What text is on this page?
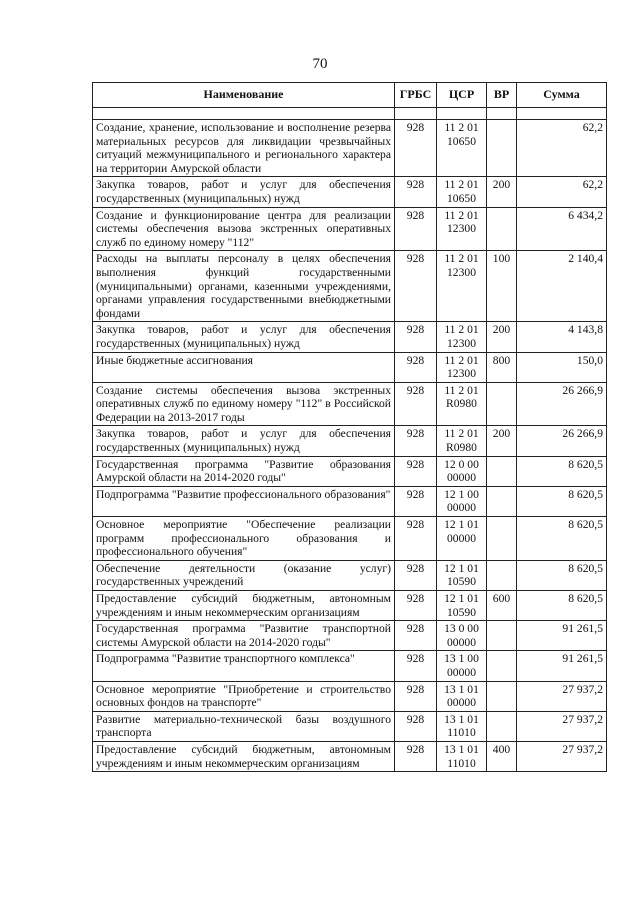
70
Наименование	ГРБС	ЦСР	ВР	Сумма

Создание, хранение, использование и восполнение резерва материальных ресурсов для ликвидации чрезвычайных ситуаций межмуниципального и регионального характера на территории Амурской области	928	11 2 01 10650		62,2
Закупка товаров, работ и услуг для обеспечения государственных (муниципальных) нужд	928	11 2 01 10650	200	62,2
Создание и функционирование центра для реализации системы обеспечения вызова экстренных оперативных служб по единому номеру "112"	928	11 2 01 12300		6 434,2
Расходы на выплаты персоналу в целях обеспечения выполнения функций государственными (муниципальными) органами, казенными учреждениями, органами управления государственными внебюджетными фондами	928	11 2 01 12300	100	2 140,4
Закупка товаров, работ и услуг для обеспечения государственных (муниципальных) нужд	928	11 2 01 12300	200	4 143,8
Иные бюджетные ассигнования	928	11 2 01 12300	800	150,0
Создание системы обеспечения вызова экстренных оперативных служб по единому номеру "112" в Российской Федерации на 2013-2017 годы	928	11 2 01 R0980		26 266,9
Закупка товаров, работ и услуг для обеспечения государственных (муниципальных) нужд	928	11 2 01 R0980	200	26 266,9
Государственная программа "Развитие образования Амурской области на 2014-2020 годы"	928	12 0 00 00000		8 620,5
Подпрограмма "Развитие профессионального образования"	928	12 1 00 00000		8 620,5
Основное мероприятие "Обеспечение реализации программ профессионального образования и профессионального обучения"	928	12 1 01 00000		8 620,5
Обеспечение деятельности (оказание услуг) государственных учреждений	928	12 1 01 10590		8 620,5
Предоставление субсидий бюджетным, автономным учреждениям и иным некоммерческим организациям	928	12 1 01 10590	600	8 620,5
Государственная программа "Развитие транспортной системы Амурской области на 2014-2020 годы"	928	13 0 00 00000		91 261,5
Подпрограмма "Развитие транспортного комплекса"	928	13 1 00 00000		91 261,5
Основное мероприятие "Приобретение и строительство основных фондов на транспорте"	928	13 1 01 00000		27 937,2
Развитие материально-технической базы воздушного транспорта	928	13 1 01 11010		27 937,2
Предоставление субсидий бюджетным, автономным учреждениям и иным некоммерческим организациям	928	13 1 01 11010	400	27 937,2
